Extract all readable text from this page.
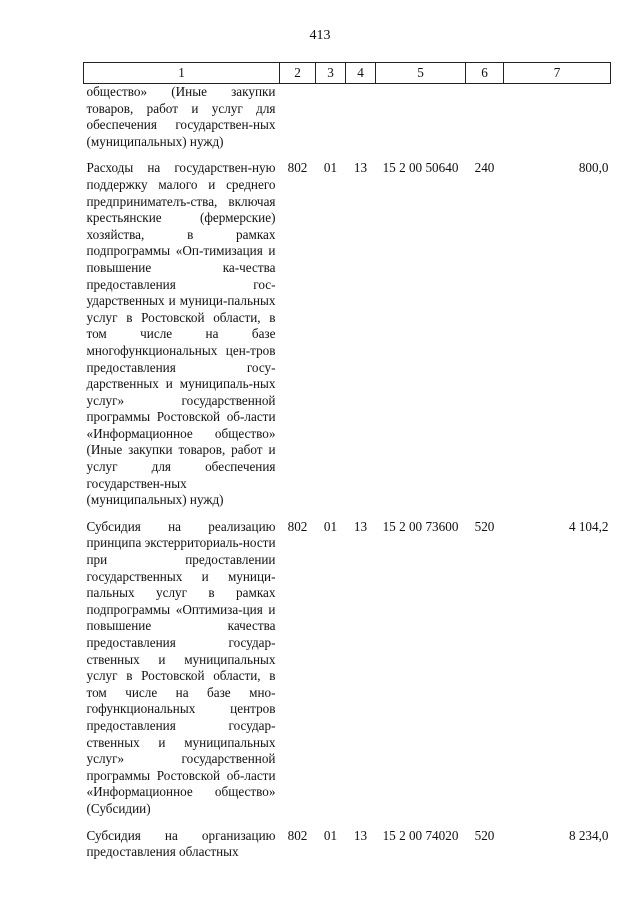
413
1	2	3	4	5	6	7
общество» (Иные закупки товаров, работ и услуг для обеспечения государствен-ных (муниципальных) нужд)						
Расходы на государствен-ную поддержку малого и среднего предпринимателъ-ства, включая крестьянские (фермерские) хозяйства, в рамках подпрограммы «Оп-тимизация и повышение ка-чества предоставления гос-ударственных и муници-пальных услуг в Ростовской области, в том числе на базе многофункциональных цен-тров предоставления госу-дарственных и муниципаль-ных услуг» государственной программы Ростовской об-ласти «Информационное общество» (Иные закупки товаров, работ и услуг для обеспечения государствен-ных (муниципальных) нужд)	802	01	13	15 2 00 50640	240	800,0
Субсидия на реализацию принципа экстерриториаль-ности при предоставлении государственных и муници-пальных услуг в рамках подпрограммы «Оптимиза-ция и повышение качества предоставления государ-ственных и муниципальных услуг в Ростовской области, в том числе на базе мно-гофункциональных центров предоставления государ-ственных и муниципальных услуг» государственной программы Ростовской об-ласти «Информационное общество» (Субсидии)	802	01	13	15 2 00 73600	520	4 104,2
Субсидия на организацию предоставления областных	802	01	13	15 2 00 74020	520	8 234,0
